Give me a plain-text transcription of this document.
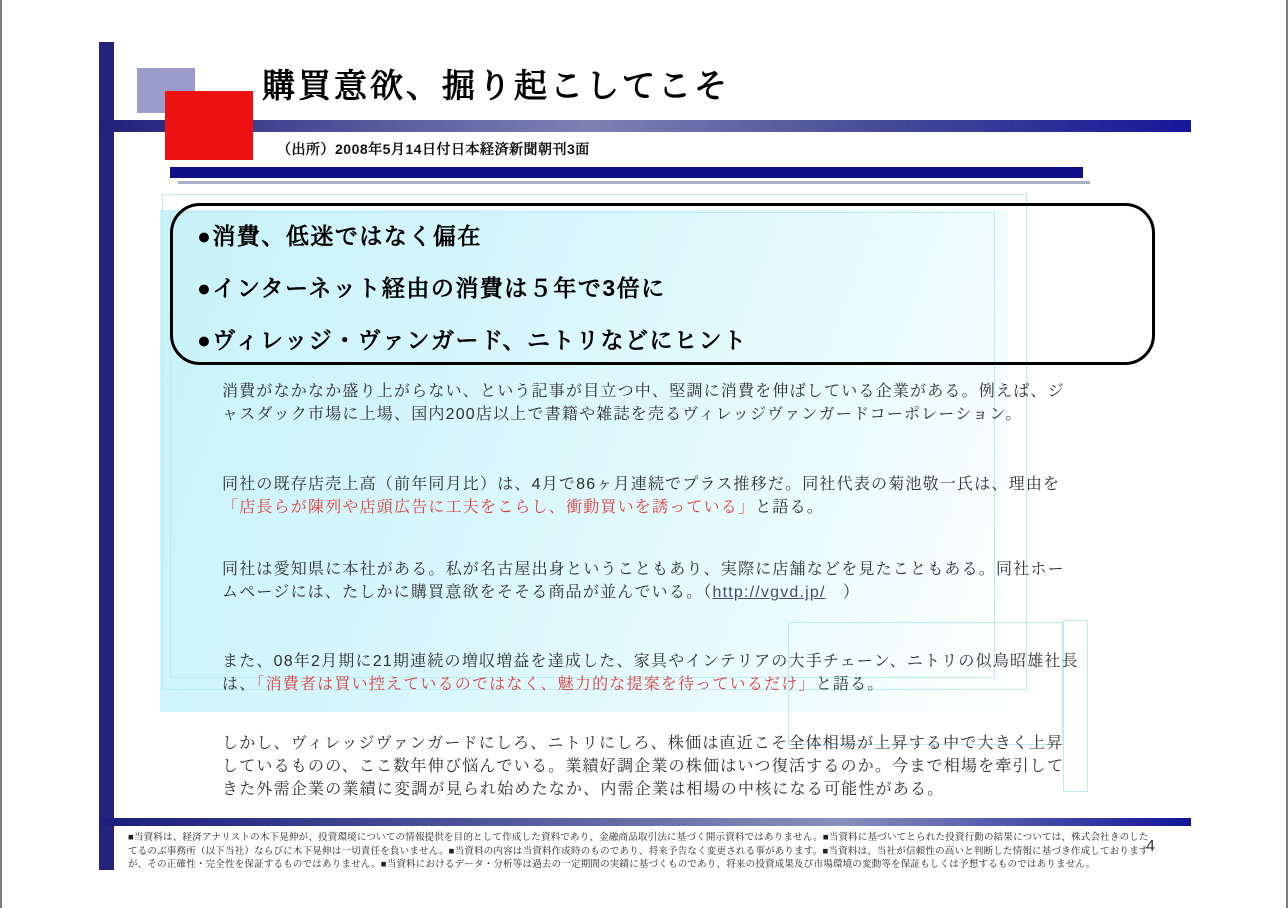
購買意欲、掘り起こしてこそ
（出所）2008年5月14日付日本経済新聞朝刊3面
●消費、低迷ではなく偏在
●インターネット経由の消費は５年で3倍に
●ヴィレッジ・ヴァンガード、ニトリなどにヒント

消費がなかなか盛り上がらない、という記事が目立つ中、堅調に消費を伸ばしている企業がある。例えば、ジャスダック市場に上場、国内200店以上で書籍や雑誌を売るヴィレッジヴァンガードコーポレーション。

同社の既存店売上高（前年同月比）は、4月で86ヶ月連続でプラス推移だ。同社代表の菊池敬一氏は、理由を「店長らが陳列や店頭広告に工夫をこらし、衝動買いを誘っている」と語る。

同社は愛知県に本社がある。私が名古屋出身ということもあり、実際に店舗などを見たこともある。同社ホームページには、たしかに購買意欲をそそる商品が並んでいる。（http://vgvd.jp/　）

また、08年2月期に21期連続の増収増益を達成した、家具やインテリアの大手チェーン、ニトリの似鳥昭雄社長は、「消費者は買い控えているのではなく、魅力的な提案を待っているだけ」と語る。

しかし、ヴィレッジヴァンガードにしろ、ニトリにしろ、株価は直近こそ全体相場が上昇する中で大きく上昇しているものの、ここ数年伸び悩んでいる。業績好調企業の株価はいつ復活するのか。今まで相場を牽引してきた外需企業の業績に変調が見られ始めたなか、内需企業は相場の中核になる可能性がある。

■当資料は、経済アナリストの木下晃伸が、投資環境についての情報提供を目的として作成した資料であり、金融商品取引法に基づく開示資料ではありません。■当資料に基づいてとられた投資行動の結果については、株式会社きのした
てるのぶ事務所（以下当社）ならびに木下晃伸は一切責任を負いません。■当資料の内容は当資料作成時のものであり、将来予告なく変更される事があります。■当資料は、当社が信頼性の高いと判断した情報に基づき作成しております
が、その正確性・完全性を保証するものではありません。■当資料におけるデータ・分析等は過去の一定期間の実績に基づくものであり、将来の投資成果及び市場環境の変動等を保証もしくは予想するものではありません。
4
